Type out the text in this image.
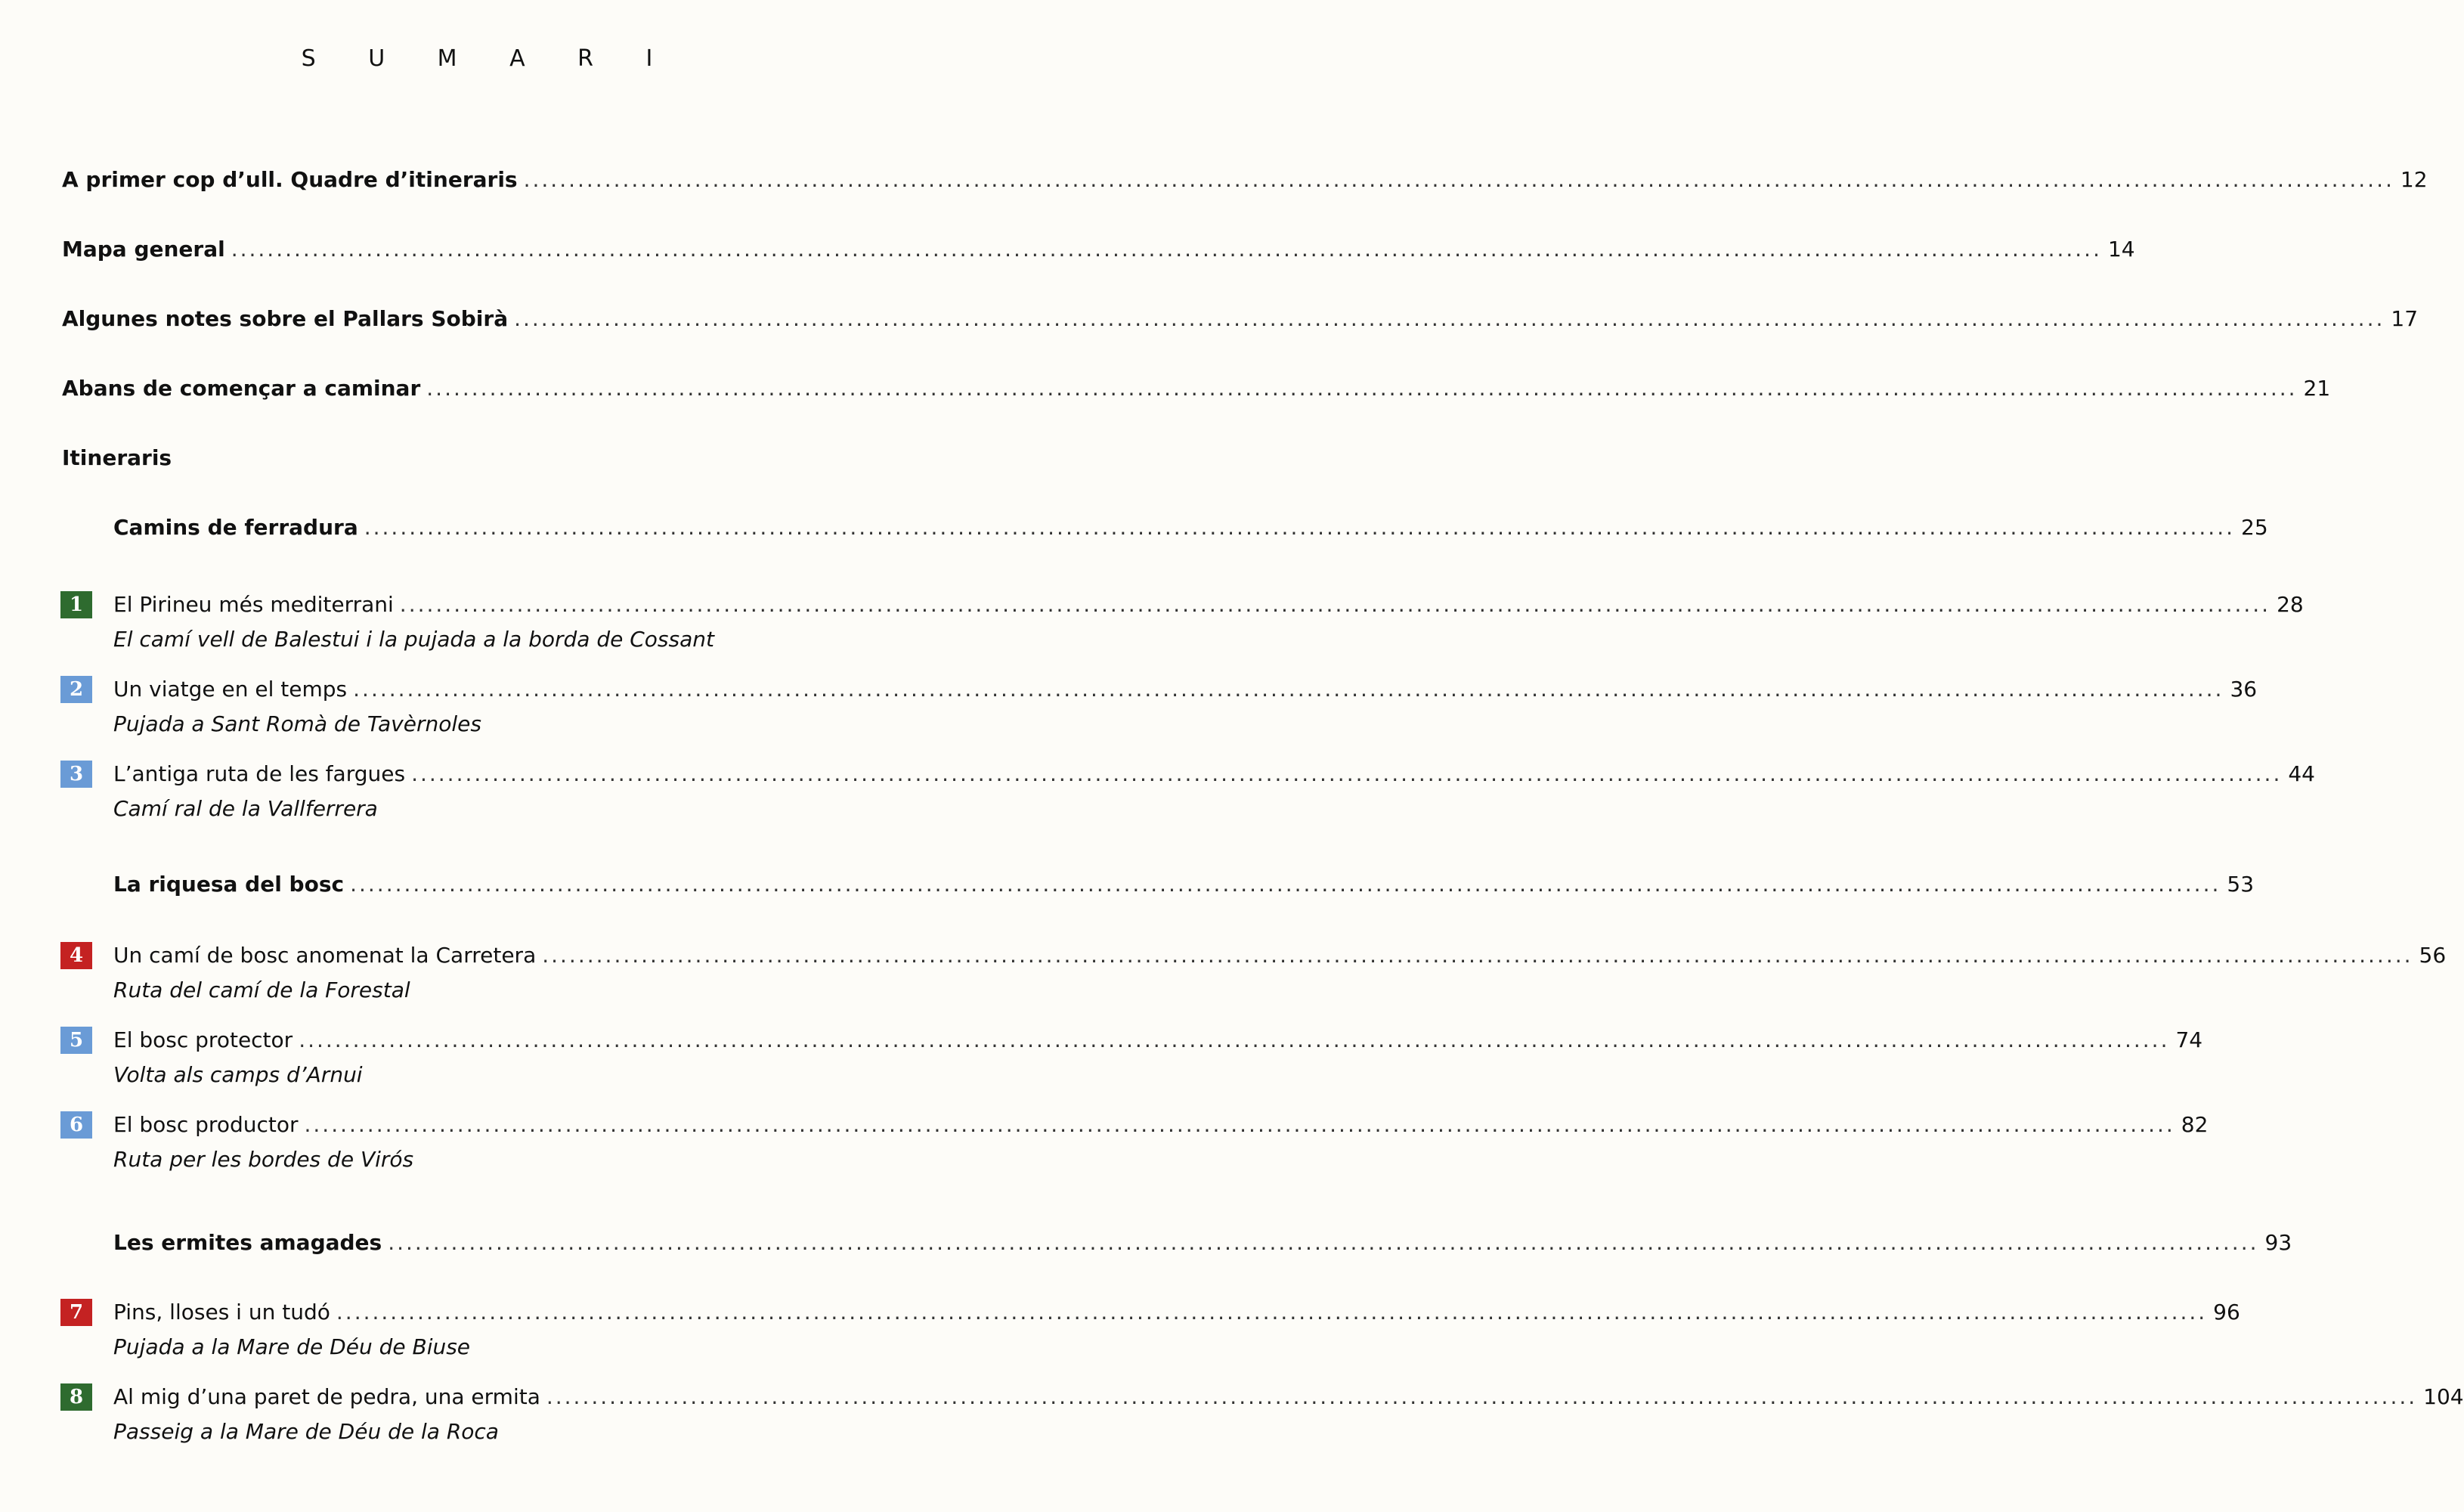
S U M A R I
A primer cop d’ull. Quadre d’itineraris ................................................................................................................................................................................................................ 12
Mapa general ................................................................................................................................................................................................................ 14
Algunes notes sobre el Pallars Sobirà ................................................................................................................................................................................................................ 17
Abans de començar a caminar ................................................................................................................................................................................................................ 21
Itineraris
Camins de ferradura ................................................................................................................................................................................................................ 25
1	El Pirineu més mediterrani ................................................................................................................................................................................................................ 28
El camí vell de Balestui i la pujada a la borda de Cossant
2	Un viatge en el temps ................................................................................................................................................................................................................ 36
Pujada a Sant Romà de Tavèrnoles
3	L’antiga ruta de les fargues ................................................................................................................................................................................................................ 44
Camí ral de la Vallferrera
La riquesa del bosc ................................................................................................................................................................................................................ 53
4	Un camí de bosc anomenat la Carretera ................................................................................................................................................................................................................ 56
Ruta del camí de la Forestal
5	El bosc protector ................................................................................................................................................................................................................ 74
Volta als camps d’Arnui
6	El bosc productor ................................................................................................................................................................................................................ 82
Ruta per les bordes de Virós
Les ermites amagades ................................................................................................................................................................................................................ 93
7	Pins, lloses i un tudó ................................................................................................................................................................................................................ 96
Pujada a la Mare de Déu de Biuse
8	Al mig d’una paret de pedra, una ermita ................................................................................................................................................................................................................ 104
Passeig a la Mare de Déu de la Roca
